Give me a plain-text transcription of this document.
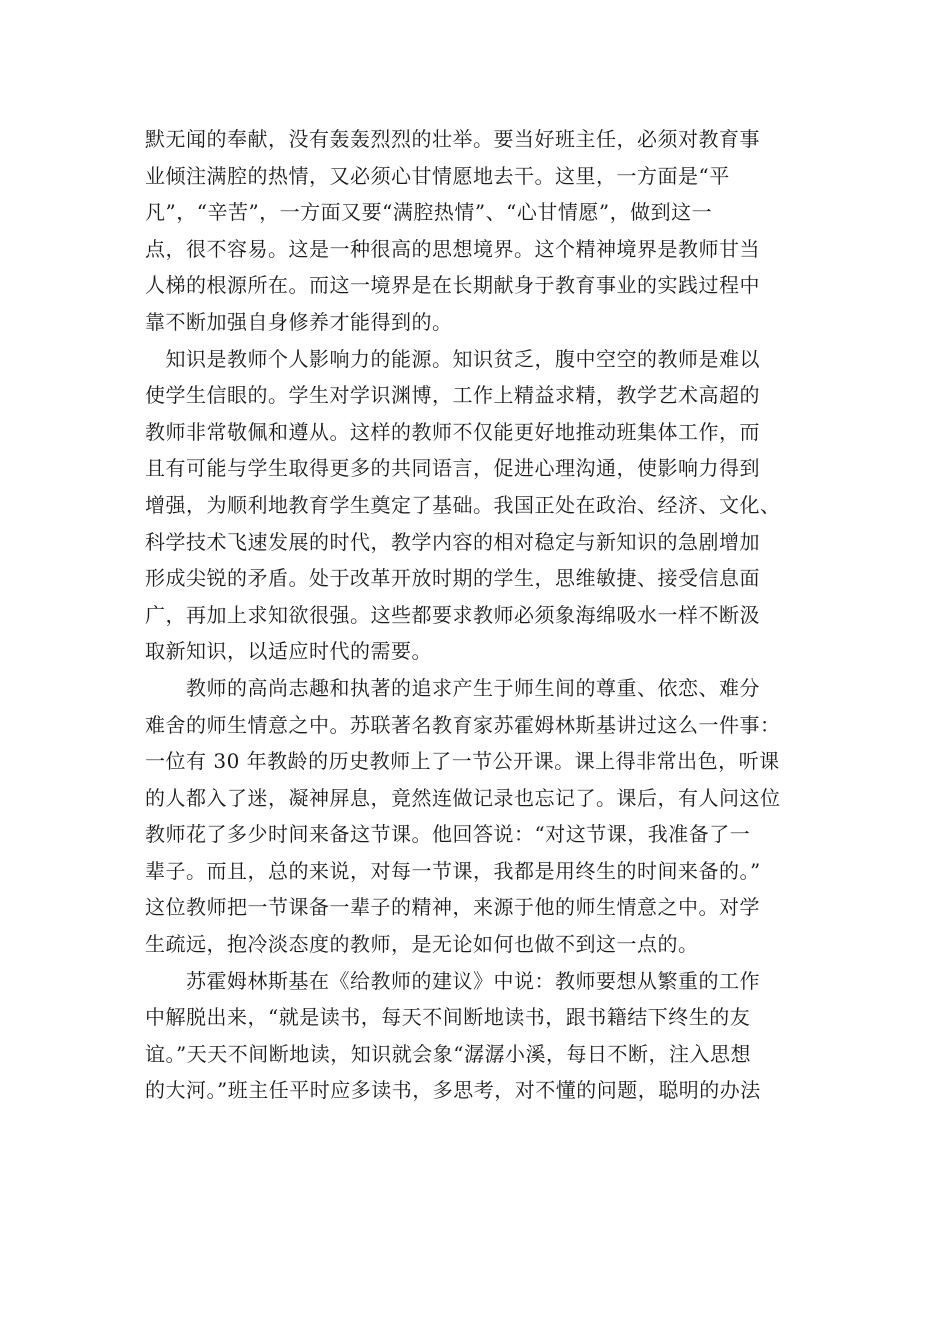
默无闻的奉献，没有轰轰烈烈的壮举。要当好班主任，必须对教育事
业倾注满腔的热情，又必须心甘情愿地去干。这里，一方面是“平
凡”，“辛苦”，一方面又要“满腔热情”、“心甘情愿”，做到这一
点，很不容易。这是一种很高的思想境界。这个精神境界是教师甘当
人梯的根源所在。而这一境界是在长期献身于教育事业的实践过程中
靠不断加强自身修养才能得到的。
　知识是教师个人影响力的能源。知识贫乏，腹中空空的教师是难以
使学生信眼的。学生对学识渊博，工作上精益求精，教学艺术高超的
教师非常敬佩和遵从。这样的教师不仅能更好地推动班集体工作，而
且有可能与学生取得更多的共同语言，促进心理沟通，使影响力得到
增强，为顺利地教育学生奠定了基础。我国正处在政治、经济、文化、
科学技术飞速发展的时代，教学内容的相对稳定与新知识的急剧增加
形成尖锐的矛盾。处于改革开放时期的学生，思维敏捷、接受信息面
广，再加上求知欲很强。这些都要求教师必须象海绵吸水一样不断汲
取新知识，以适应时代的需要。
　　教师的高尚志趣和执著的追求产生于师生间的尊重、依恋、难分
难舍的师生情意之中。苏联著名教育家苏霍姆林斯基讲过这么一件事：
一位有 30 年教龄的历史教师上了一节公开课。课上得非常出色，听课
的人都入了迷，凝神屏息，竟然连做记录也忘记了。课后，有人问这位
教师花了多少时间来备这节课。他回答说：“对这节课，我准备了一
辈子。而且，总的来说，对每一节课，我都是用终生的时间来备的。”
这位教师把一节课备一辈子的精神，来源于他的师生情意之中。对学
生疏远，抱冷淡态度的教师，是无论如何也做不到这一点的。
　　苏霍姆林斯基在《给教师的建议》中说：教师要想从繁重的工作
中解脱出来，“就是读书，每天不间断地读书，跟书籍结下终生的友
谊。”天天不间断地读，知识就会象“潺潺小溪，每日不断，注入思想
的大河。”班主任平时应多读书，多思考，对不懂的问题，聪明的办法
